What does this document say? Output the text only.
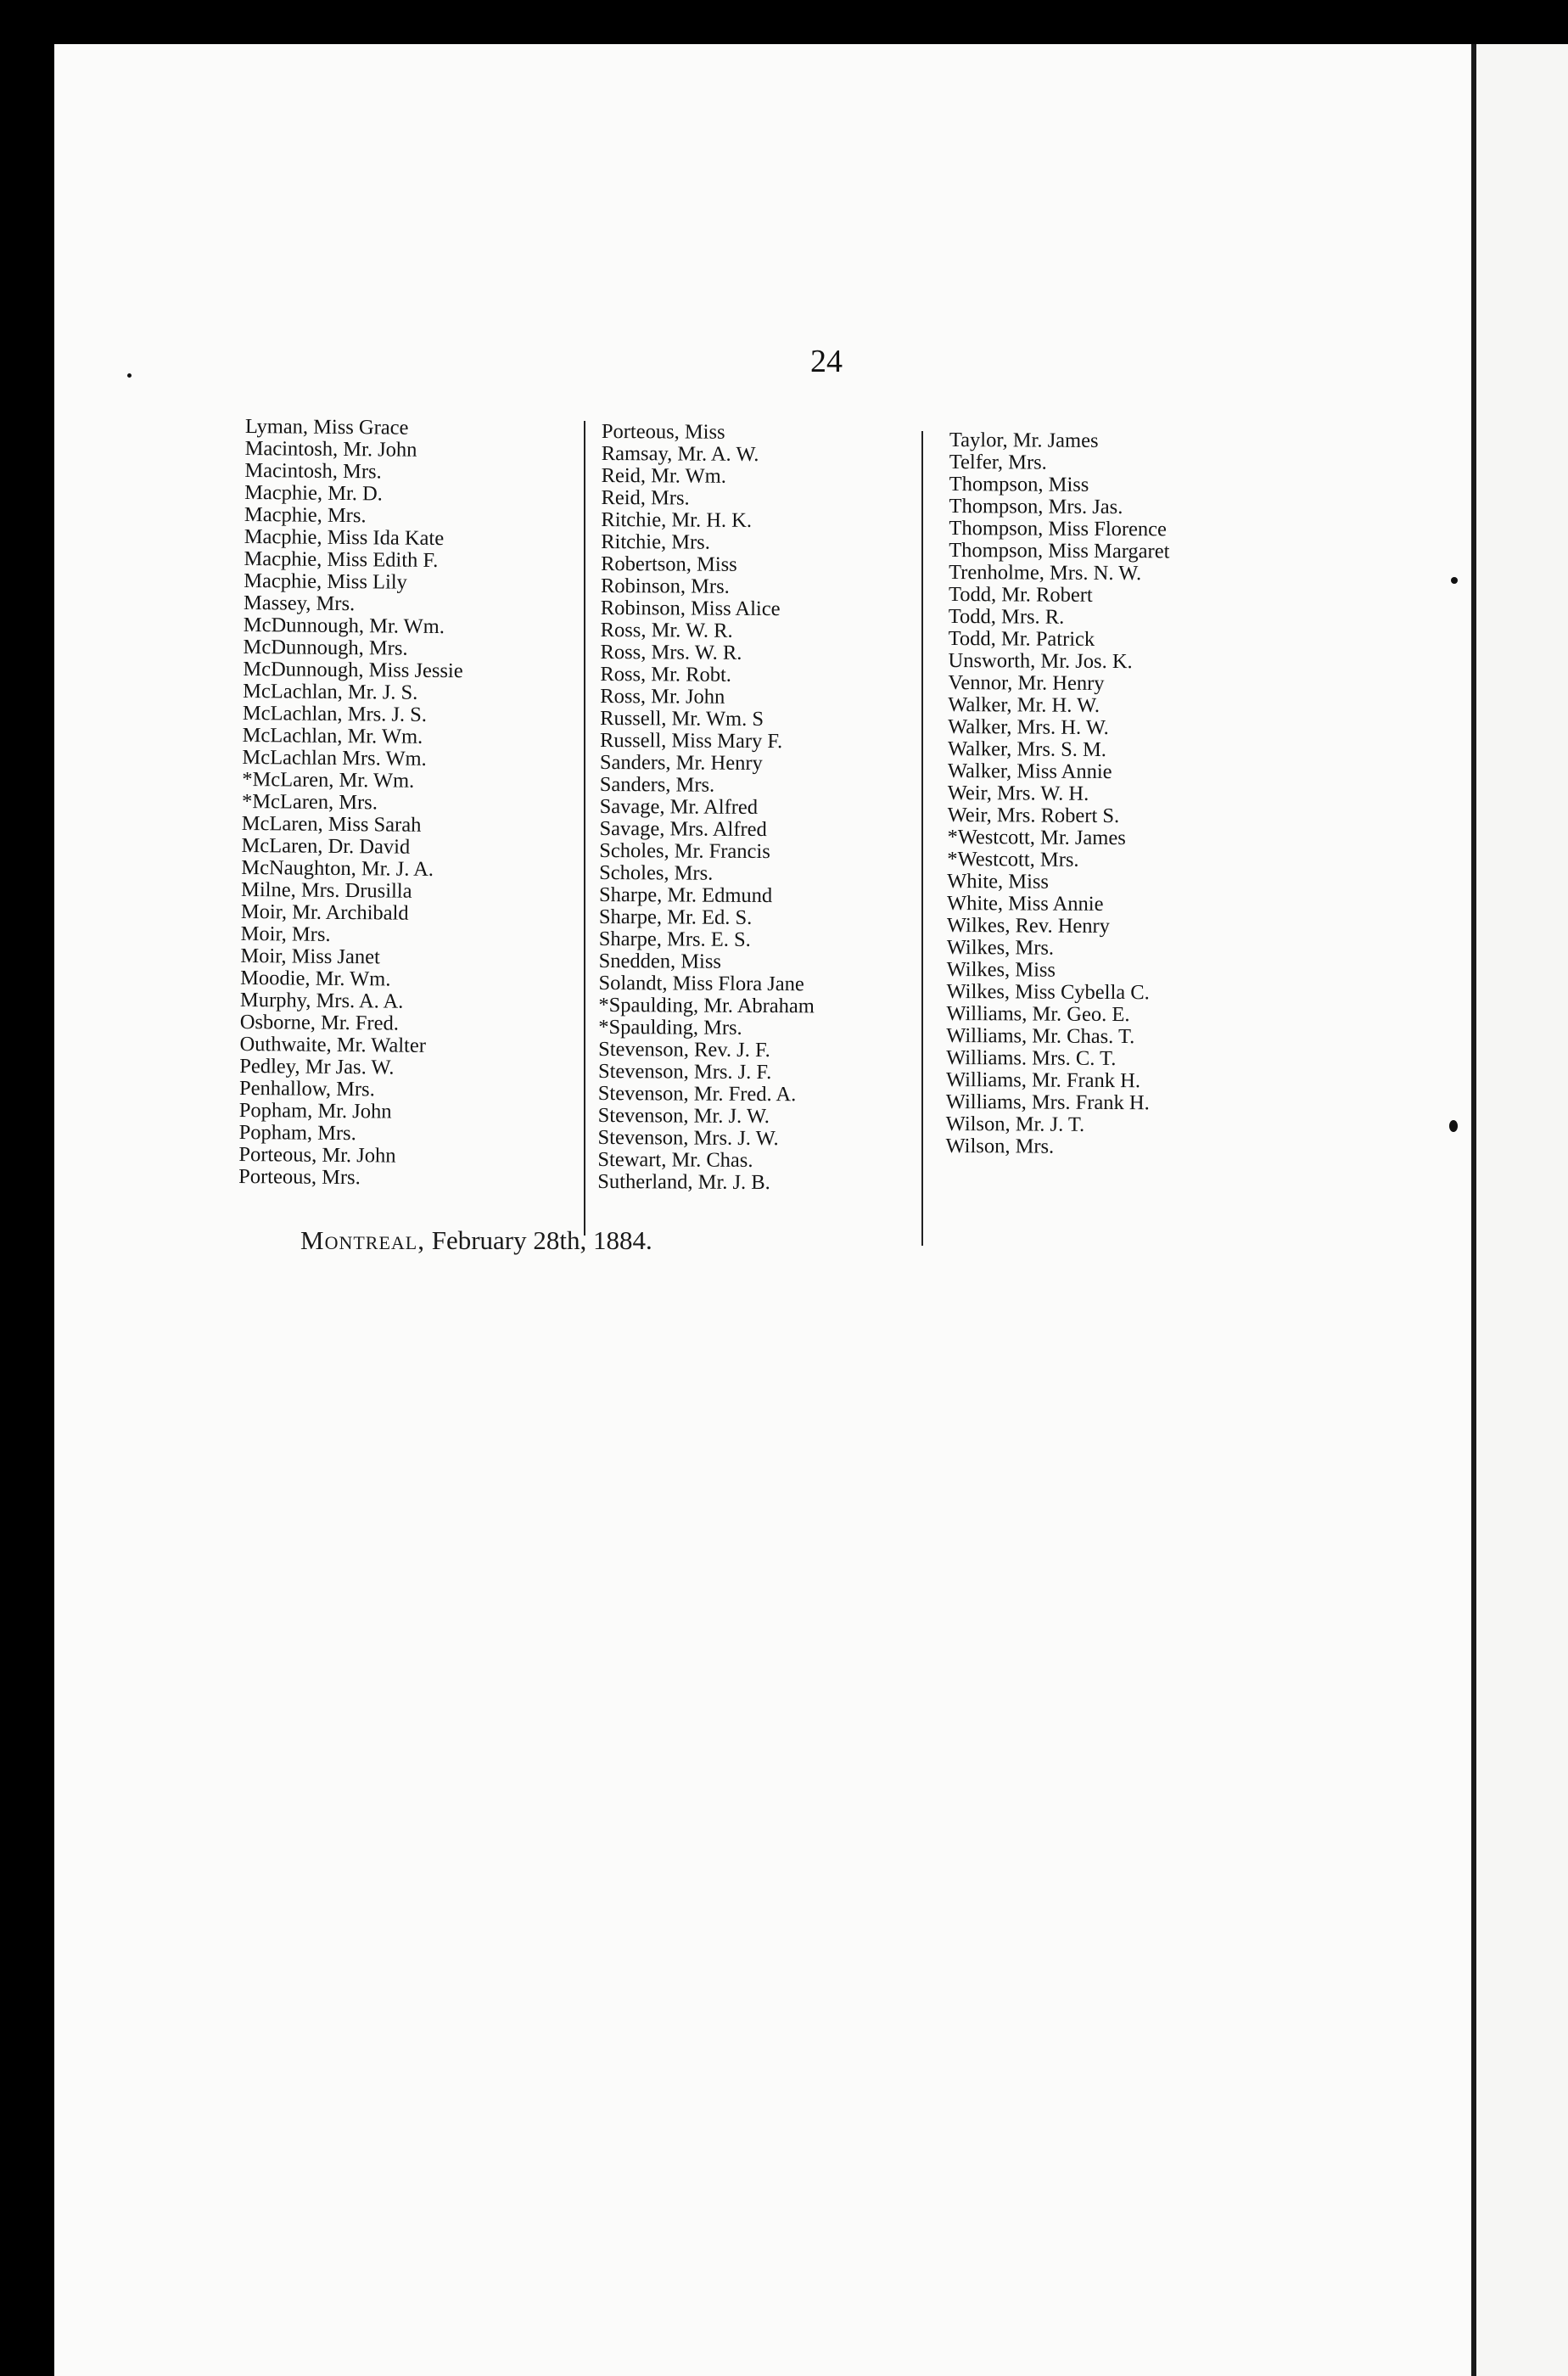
24
Lyman, Miss Grace
Macintosh, Mr. John
Macintosh, Mrs.
Macphie, Mr. D.
Macphie, Mrs.
Macphie, Miss Ida Kate
Macphie, Miss Edith F.
Macphie, Miss Lily
Massey, Mrs.
McDunnough, Mr. Wm.
McDunnough, Mrs.
McDunnough, Miss Jessie
McLachlan, Mr. J. S.
McLachlan, Mrs. J. S.
McLachlan, Mr. Wm.
McLachlan Mrs. Wm.
*McLaren, Mr. Wm.
*McLaren, Mrs.
McLaren, Miss Sarah
McLaren, Dr. David
McNaughton, Mr. J. A.
Milne, Mrs. Drusilla
Moir, Mr. Archibald
Moir, Mrs.
Moir, Miss Janet
Moodie, Mr. Wm.
Murphy, Mrs. A. A.
Osborne, Mr. Fred.
Outhwaite, Mr. Walter
Pedley, Mr Jas. W.
Penhallow, Mrs.
Popham, Mr. John
Popham, Mrs.
Porteous, Mr. John
Porteous, Mrs.
Porteous, Miss
Ramsay, Mr. A. W.
Reid, Mr. Wm.
Reid, Mrs.
Ritchie, Mr. H. K.
Ritchie, Mrs.
Robertson, Miss
Robinson, Mrs.
Robinson, Miss Alice
Ross, Mr. W. R.
Ross, Mrs. W. R.
Ross, Mr. Robt.
Ross, Mr. John
Russell, Mr. Wm. S
Russell, Miss Mary F.
Sanders, Mr. Henry
Sanders, Mrs.
Savage, Mr. Alfred
Savage, Mrs. Alfred
Scholes, Mr. Francis
Scholes, Mrs.
Sharpe, Mr. Edmund
Sharpe, Mr. Ed. S.
Sharpe, Mrs. E. S.
Snedden, Miss
Solandt, Miss Flora Jane
*Spaulding, Mr. Abraham
*Spaulding, Mrs.
Stevenson, Rev. J. F.
Stevenson, Mrs. J. F.
Stevenson, Mr. Fred. A.
Stevenson, Mr. J. W.
Stevenson, Mrs. J. W.
Stewart, Mr. Chas.
Sutherland, Mr. J. B.
Taylor, Mr. James
Telfer, Mrs.
Thompson, Miss
Thompson, Mrs. Jas.
Thompson, Miss Florence
Thompson, Miss Margaret
Trenholme, Mrs. N. W.
Todd, Mr. Robert
Todd, Mrs. R.
Todd, Mr. Patrick
Unsworth, Mr. Jos. K.
Vennor, Mr. Henry
Walker, Mr. H. W.
Walker, Mrs. H. W.
Walker, Mrs. S. M.
Walker, Miss Annie
Weir, Mrs. W. H.
Weir, Mrs. Robert S.
*Westcott, Mr. James
*Westcott, Mrs.
White, Miss
White, Miss Annie
Wilkes, Rev. Henry
Wilkes, Mrs.
Wilkes, Miss
Wilkes, Miss Cybella C.
Williams, Mr. Geo. E.
Williams, Mr. Chas. T.
Williams. Mrs. C. T.
Williams, Mr. Frank H.
Williams, Mrs. Frank H.
Wilson, Mr. J. T.
Wilson, Mrs.
Montreal, February 28th, 1884.
